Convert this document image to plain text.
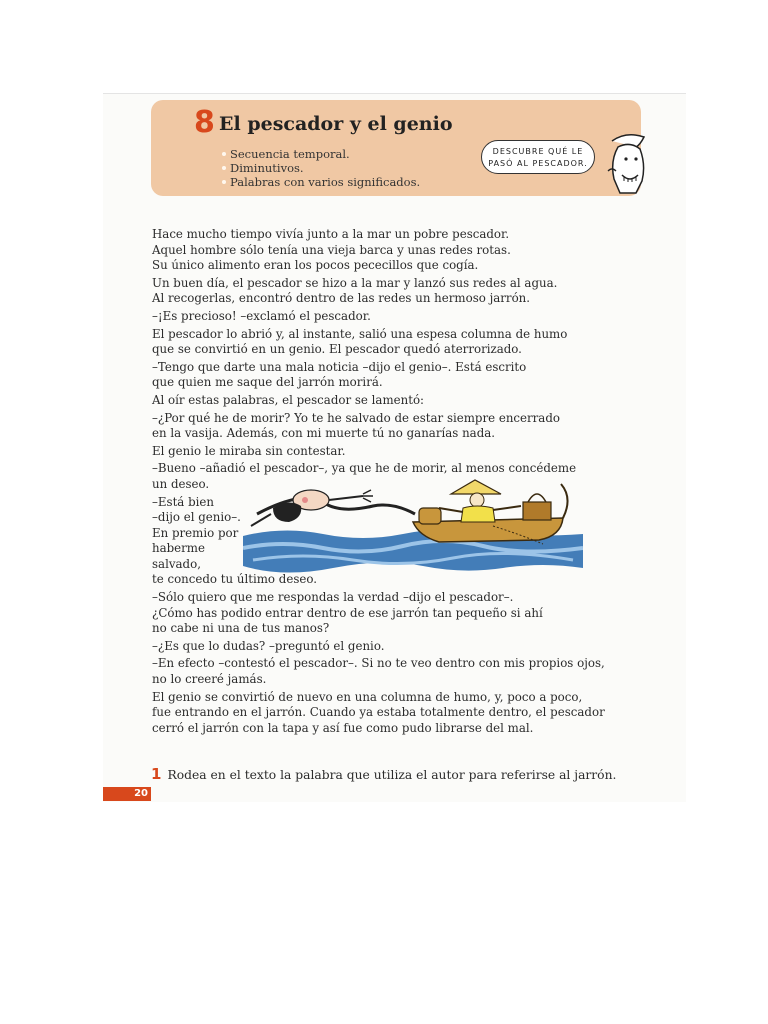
8 El pescador y el genio
Secuencia temporal.
Diminutivos.
Palabras con varios significados.
DESCUBRE QUÉ LE
PASÓ AL PESCADOR.

Hace mucho tiempo vivía junto a la mar un pobre pescador.
Aquel hombre sólo tenía una vieja barca y unas redes rotas.
Su único alimento eran los pocos pececillos que cogía.

Un buen día, el pescador se hizo a la mar y lanzó sus redes al agua.
Al recogerlas, encontró dentro de las redes un hermoso jarrón.

–¡Es precioso! –exclamó el pescador.

El pescador lo abrió y, al instante, salió una espesa columna de humo
que se convirtió en un genio. El pescador quedó aterrorizado.

–Tengo que darte una mala noticia –dijo el genio–. Está escrito
que quien me saque del jarrón morirá.

Al oír estas palabras, el pescador se lamentó:

–¿Por qué he de morir? Yo te he salvado de estar siempre encerrado
en la vasija. Además, con mi muerte tú no ganarías nada.

El genio le miraba sin contestar.

–Bueno –añadió el pescador–, ya que he de morir, al menos concédeme
un deseo.

–Está bien
–dijo el genio–.
En premio por
haberme
salvado,
te concedo tu último deseo.

–Sólo quiero que me respondas la verdad –dijo el pescador–.
¿Cómo has podido entrar dentro de ese jarrón tan pequeño si ahí
no cabe ni una de tus manos?

–¿Es que lo dudas? –preguntó el genio.

–En efecto –contestó el pescador–. Si no te veo dentro con mis propios ojos,
no lo creeré jamás.

El genio se convirtió de nuevo en una columna de humo, y, poco a poco,
fue entrando en el jarrón. Cuando ya estaba totalmente dentro, el pescador
cerró el jarrón con la tapa y así fue como pudo librarse del mal.

1 Rodea en el texto la palabra que utiliza el autor para referirse al jarrón.
20
